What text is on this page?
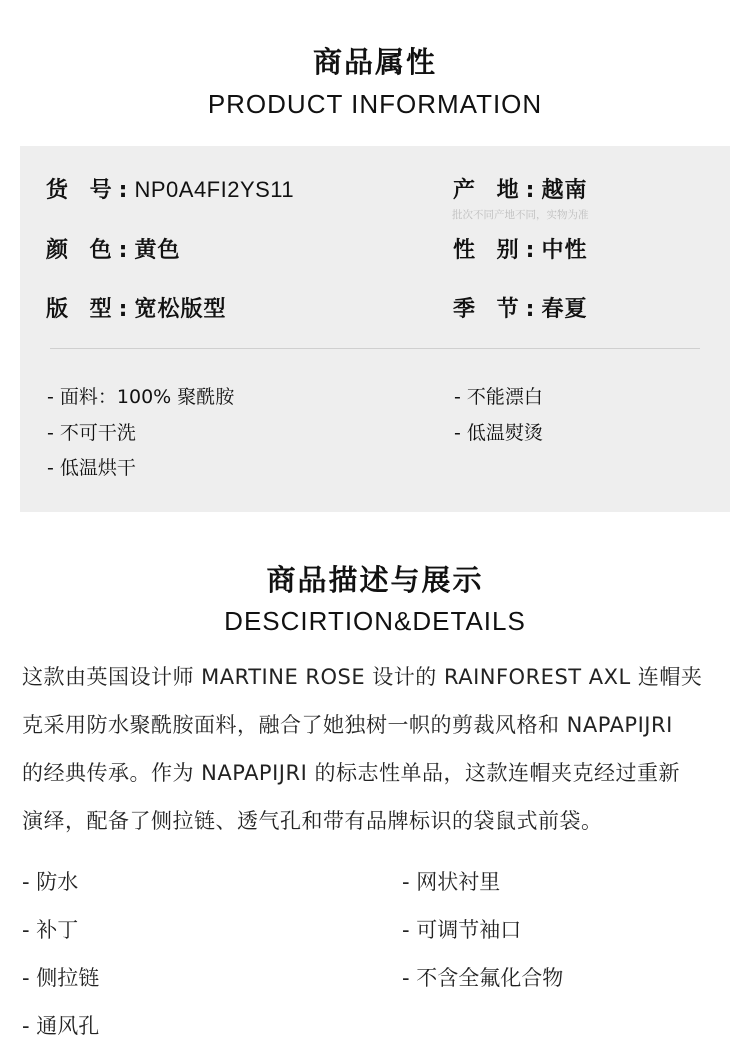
商品属性
PRODUCT INFORMATION
货 号:NP0A4FI2YS11	产 地:越南
批次不同产地不同，实物为准
颜 色:黄色	性 别:中性
版 型:宽松版型	季 节:春夏
- 面料：100% 聚酰胺
- 不可干洗
- 低温烘干
- 不能漂白
- 低温熨烫
商品描述与展示
DESCIRTION&DETAILS
这款由英国设计师 MARTINE ROSE 设计的 RAINFOREST AXL 连帽夹
克采用防水聚酰胺面料，融合了她独树一帜的剪裁风格和 NAPAPIJRI
的经典传承。作为 NAPAPIJRI 的标志性单品，这款连帽夹克经过重新
演绎，配备了侧拉链、透气孔和带有品牌标识的袋鼠式前袋。
- 防水
- 补丁
- 侧拉链
- 通风孔
- 网状衬里
- 可调节袖口
- 不含全氟化合物
